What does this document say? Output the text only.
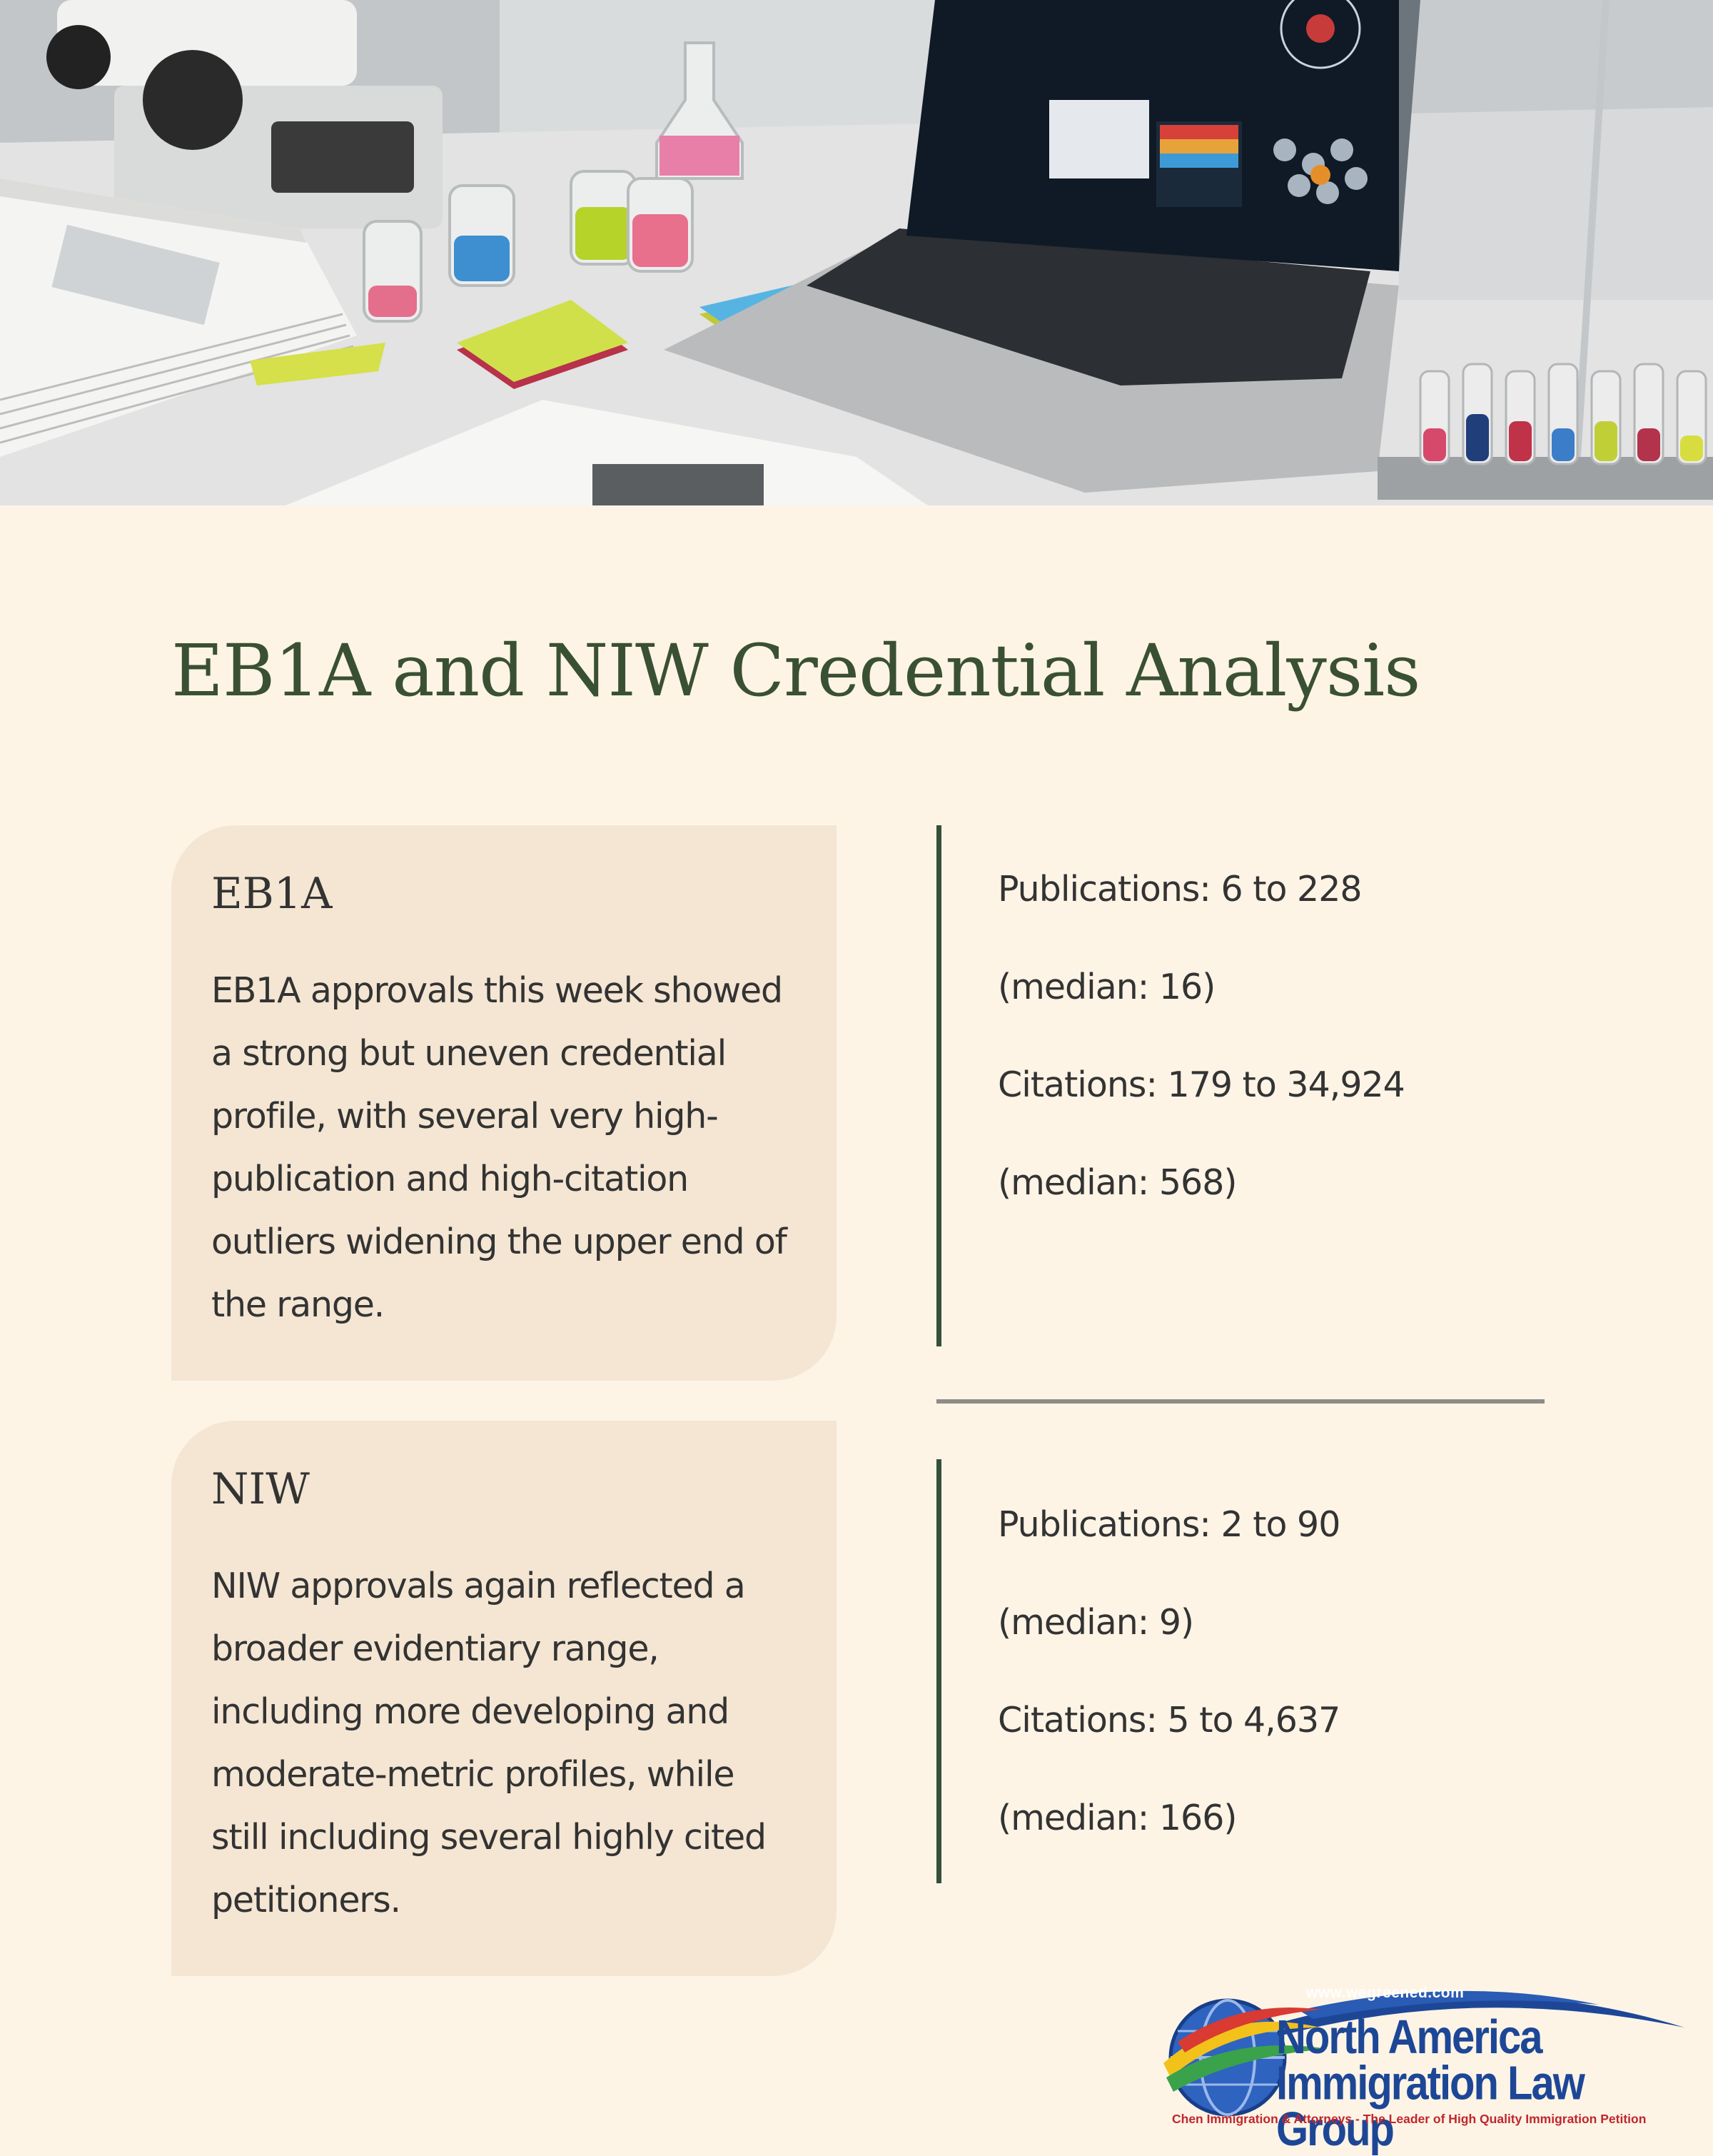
EB1A and NIW Credential Analysis
EB1A

EB1A approvals this week showed a strong but uneven credential profile, with several very high-publication and high-citation outliers widening the upper end of the range.

Publications: 6 to 228
(median: 16)
Citations: 179 to 34,924
(median: 568)
NIW

NIW approvals again reflected a broader evidentiary range, including more developing and moderate-metric profiles, while still including several highly cited petitioners.

Publications: 2 to 90
(median: 9)
Citations: 5 to 4,637
(median: 166)
www.wegreened.com
North America
Immigration Law Group
Chen Immigration & Attorneys - The Leader of High Quality Immigration Petition
